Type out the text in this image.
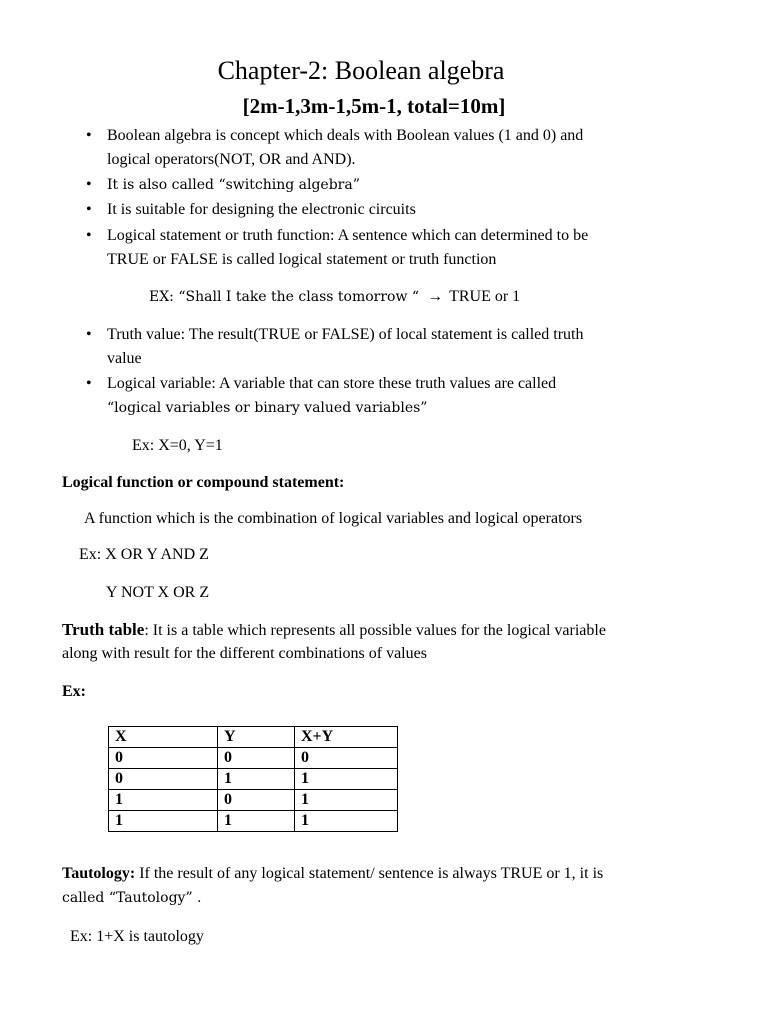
Chapter-2: Boolean algebra
[2m-1,3m-1,5m-1, total=10m]
• Boolean algebra is concept which deals with Boolean values (1 and 0) and
logical operators(NOT, OR and AND).
•	It is also called “switching algebra”
• It is suitable for designing the electronic circuits
• Logical statement or truth function: A sentence which can determined to be
TRUE or FALSE is called logical statement or truth function
EX: “Shall I take the class tomorrow “ → TRUE or 1
• Truth value: The result(TRUE or FALSE) of local statement is called truth
value
• Logical variable: A variable that can store these truth values are called
“logical variables or binary valued variables”
Ex: X=0, Y=1
Logical function or compound statement:
A function which is the combination of logical variables and logical operators
Ex: X OR Y AND Z
Y NOT X OR Z
Truth table: It is a table which represents all possible values for the logical variable
along with result for the different combinations of values
Ex:
X	Y	X+Y
0	0	0
0	1	1
1	0	1
1	1	1
Tautology: If the result of any logical statement/ sentence is always TRUE or 1, it is
called “Tautology” .
Ex: 1+X is tautology
